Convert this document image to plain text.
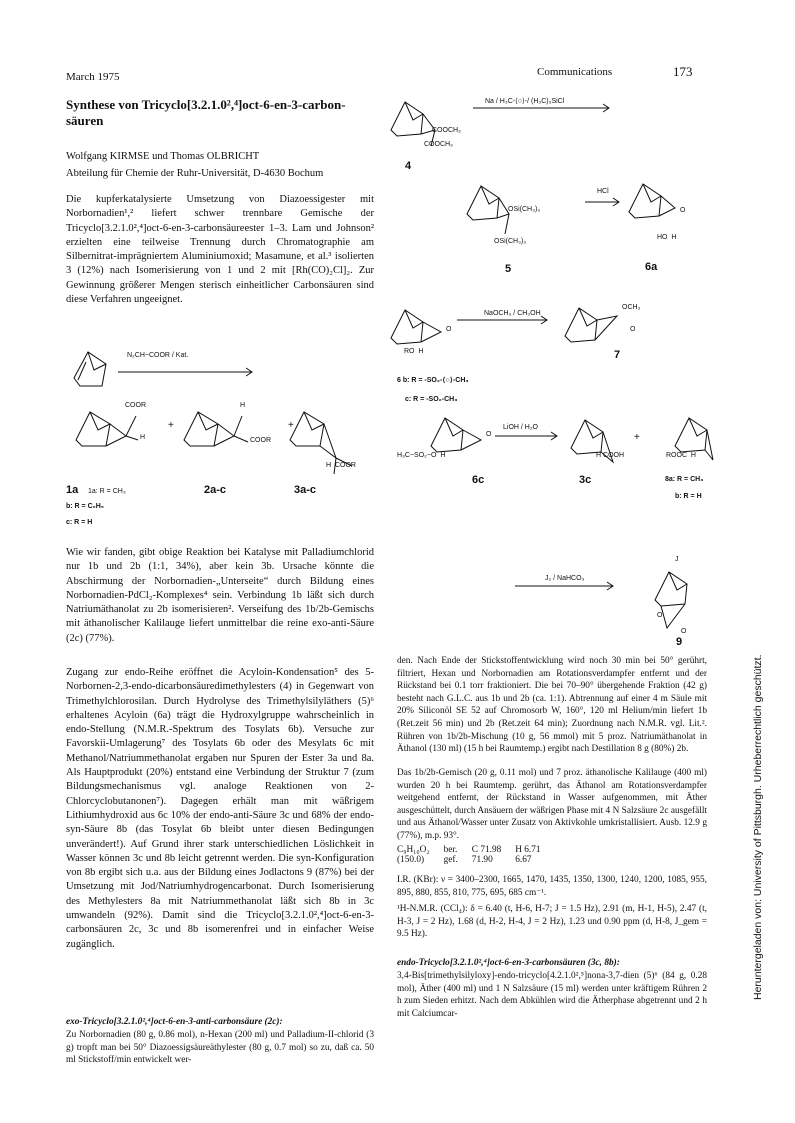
March 1975	Communications	173
Synthese von Tricyclo[3.2.1.0²,⁴]oct-6-en-3-carbon-säuren
Wolfgang KIRMSE und Thomas OLBRICHT
Abteilung für Chemie der Ruhr-Universität, D-4630 Bochum

Die kupferkatalysierte Umsetzung von Diazoessigester mit Norbornadien¹,² liefert schwer trennbare Gemische der Tricyclo[3.2.1.0²,⁴]oct-6-en-3-carbonsäureester 1–3. Lam und Johnson² erzielten eine teilweise Trennung durch Chromatographie am Silbernitrat-imprägniertem Aluminiumoxid; Masamune, et al.³ isolierten 3 (12%) nach Isomerisierung von 1 und 2 mit [Rh(CO)₂Cl]₂. Zur Gewinnung größerer Mengen sterisch einheitlicher Carbonsäuren sind diese Verfahren ungeeignet.

Wie wir fanden, gibt obige Reaktion bei Katalyse mit Palladiumchlorid nur 1b und 2b (1:1, 34%), aber kein 3b. Ursache könnte die Abschirmung der Norbornadien-„Unterseite“ durch Bildung eines Norbornadien-PdCl₂-Komplexes⁴ sein. Verbindung 1b läßt sich durch Natriumäthanolat zu 2b isomerisieren². Verseifung des 1b/2b-Gemischs mit äthanolischer Kalilauge liefert unmittelbar die reine exo-anti-Säure (2c) (77%).

Zugang zur endo-Reihe eröffnet die Acyloin-Kondensation⁵ des 5-Norbornen-2,3-endo-dicarbonsäuredimethylesters (4) in Gegenwart von Trimethylchlorosilan. Durch Hydrolyse des Trimethylsilyläthers (5)⁶ erhaltenes Acyloin (6a) trägt die Hydroxylgruppe wahrscheinlich in endo-Stellung (N.M.R.-Spektrum des Tosylats 6b). Versuche zur Favorskii-Umlagerung⁷ des Tosylats 6b oder des Mesylats 6c mit Methanol/Natriummethanolat ergaben nur Spuren der Ester 3a und 8a. Als Hauptprodukt (20%) entstand eine Verbindung der Struktur 7 (zum Bildungsmechanismus vgl. analoge Reaktionen von 2-Chlorcyclobutanonen⁷). Dagegen erhält man mit wäßrigem Lithiumhydroxid aus 6c 10% der endo-anti-Säure 3c und 68% der endo-syn-Säure 8b (das Tosylat 6b bleibt unter diesen Bedingungen unverändert!). Auf Grund ihrer stark unterschiedlichen Löslichkeit in Wasser können 3c und 8b leicht getrennt werden. Die syn-Konfiguration von 8b ergibt sich u.a. aus der Bildung eines Jodlactons 9 (87%) bei der Umsetzung mit Jod/Natriumhydrogencarbonat. Durch Isomerisierung des Methylesters 8a mit Natriummethanolat läßt sich 8b in 3c umwandeln (92%). Damit sind die Tricyclo[3.2.1.0²,⁴]oct-6-en-3-carbonsäuren 2c, 3c und 8b isomerenfrei und in einfacher Weise zugänglich.

exo-Tricyclo[3.2.1.0²,⁴]oct-6-en-3-anti-carbonsäure (2c):

Zu Norbornadien (80 g, 0.86 mol), n-Hexan (200 ml) und Palladium-II-chlorid (3 g) tropft man bei 50° Diazoessigsäureäthylester (80 g, 0.7 mol) so zu, daß ca. 50 ml Stickstoff/min entwickelt wer-

den. Nach Ende der Stickstoffentwicklung wird noch 30 min bei 50° gerührt, filtriert, Hexan und Norbornadien am Rotationsverdampfer entfernt und der Rückstand bei 0.1 torr fraktioniert. Die bei 70–90° übergehende Fraktion (42 g) besteht nach G.L.C. aus 1b und 2b (ca. 1:1). Abtrennung auf einer 4 m Säule mit 20% Siliconöl SE 52 auf Chromosorb W, 160°, 120 ml Helium/min liefert 1b (Ret.zeit 56 min) und 2b (Ret.zeit 64 min); Zuordnung nach N.M.R. vgl. Lit.². Rühren von 1b/2b-Mischung (10 g, 56 mmol) mit 5 proz. Natriumäthanolat in Äthanol (130 ml) (15 h bei Raumtemp.) ergibt nach Destillation 8 g (80%) 2b.

Das 1b/2b-Gemisch (20 g, 0.11 mol) und 7 proz. äthanolische Kalilauge (400 ml) wurden 20 h bei Raumtemp. gerührt, das Äthanol am Rotationsverdampfer weitgehend entfernt, der Rückstand in Wasser aufgenommen, mit Äther ausgeschüttelt, durch Ansäuern der wäßrigen Phase mit 4 N Salzsäure 2c ausgefällt und aus Äthanol/Wasser unter Zusatz von Aktivkohle umkristallisiert. Ausb. 12.9 g (77%), m.p. 93°.

C₉H₁₀O₂	ber.	C 71.98	H 6.71
(150.0)	gef.	71.90	6.67

I.R. (KBr): ν = 3400–2300, 1665, 1470, 1435, 1350, 1300, 1240, 1200, 1085, 955, 895, 880, 855, 810, 775, 695, 685 cm⁻¹.

¹H-N.M.R. (CCl₄): δ = 6.40 (t, H-6, H-7; J = 1.5 Hz), 2.91 (m, H-1, H-5), 2.47 (t, H-3, J = 2 Hz), 1.68 (d, H-2, H-4, J = 2 Hz), 1.23 und 0.90 ppm (d, H-8, J_gem = 9.5 Hz).

endo-Tricyclo[3.2.1.0²,⁴]oct-6-en-3-carbonsäuren (3c, 8b):

3,4-Bis[trimethylsilyloxy]-endo-tricyclo[4.2.1.0²,⁵]nona-3,7-dien (5)⁶ (84 g, 0.28 mol), Äther (400 ml) und 1 N Salzsäure (15 ml) werden unter kräftigem Rühren 2 h zum Sieden erhitzt. Nach dem Abkühlen wird die Ätherphase abgetrennt und 2 h mit Calciumcar-

N₂CH−COOR / Kat.
COOR
H
+
H
COOR
+
H COOR
1a	2a-c	3a-c
1a: R = CH₃
b: R = C₂H₅
c: R = H
Na / H₃C-⟨○⟩-/ (H₃C)₃SiCl
COOCH₃
COOCH₃
4
OSi(CH₃)₃
OSi(CH₃)₃
HCl
O
HO H
5	6a
NaOCH₃ / CH₃OH
O
RO H
OCH₃
O
7
6 b: R = -SO₂-⟨○⟩-CH₃
c: R = -SO₂-CH₃
LiOH / H₂O
O
H₃C−SO₂−O H	H COOH
+
ROOC H
6c	3c	8a: R = CH₃
b: R = H
J₂ / NaHCO₃
J
O
O
9
Heruntergeladen von: University of Pittsburgh. Urheberrechtlich geschützt.
